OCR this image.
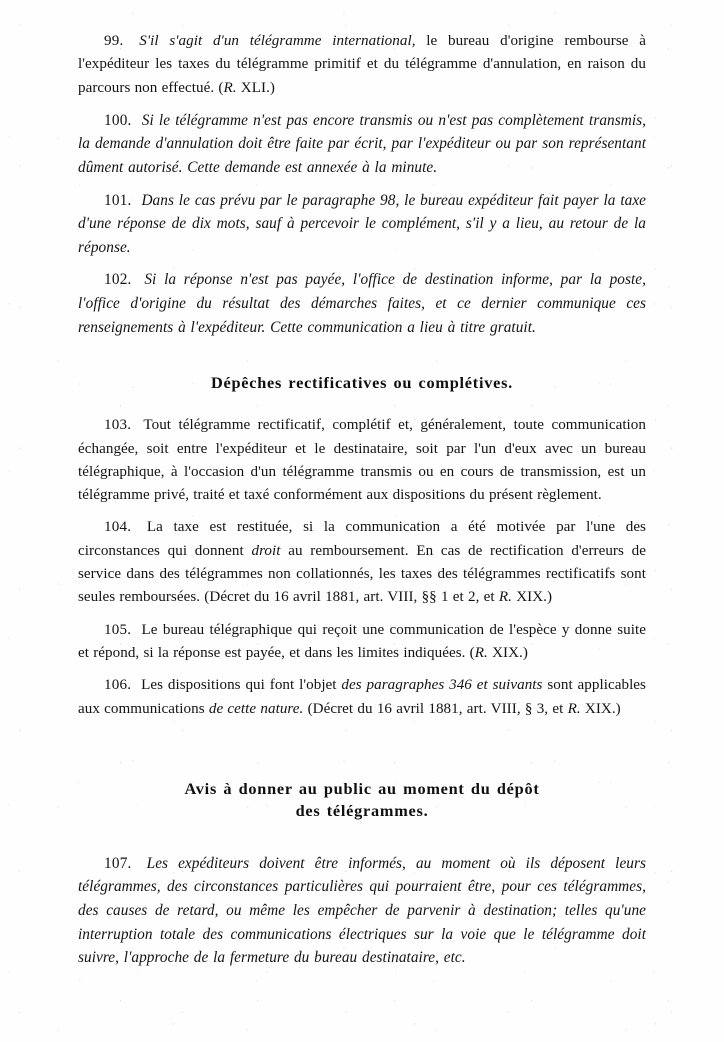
99. S'il s'agit d'un télégramme international, le bureau d'origine rembourse à l'expéditeur les taxes du télégramme primitif et du télégramme d'annulation, en raison du parcours non effectué. (R. XLI.)

100. Si le télégramme n'est pas encore transmis ou n'est pas complètement transmis, la demande d'annulation doit être faite par écrit, par l'expéditeur ou par son représentant dûment autorisé. Cette demande est annexée à la minute.

101. Dans le cas prévu par le paragraphe 98, le bureau expéditeur fait payer la taxe d'une réponse de dix mots, sauf à percevoir le complément, s'il y a lieu, au retour de la réponse.

102. Si la réponse n'est pas payée, l'office de destination informe, par la poste, l'office d'origine du résultat des démarches faites, et ce dernier communique ces renseignements à l'expéditeur. Cette communication a lieu à titre gratuit.

Dépêches rectificatives ou complétives.

103. Tout télégramme rectificatif, complétif et, généralement, toute communication échangée, soit entre l'expéditeur et le destinataire, soit par l'un d'eux avec un bureau télégraphique, à l'occasion d'un télégramme transmis ou en cours de transmission, est un télégramme privé, traité et taxé conformément aux dispositions du présent règlement.

104. La taxe est restituée, si la communication a été motivée par l'une des circonstances qui donnent droit au remboursement. En cas de rectification d'erreurs de service dans des télégrammes non collationnés, les taxes des télégrammes rectificatifs sont seules remboursées. (Décret du 16 avril 1881, art. VIII, §§ 1 et 2, et R. XIX.)

105. Le bureau télégraphique qui reçoit une communication de l'espèce y donne suite et répond, si la réponse est payée, et dans les limites indiquées. (R. XIX.)

106. Les dispositions qui font l'objet des paragraphes 346 et suivants sont applicables aux communications de cette nature. (Décret du 16 avril 1881, art. VIII, § 3, et R. XIX.)

Avis à donner au public au moment du dépôt
des télégrammes.

107. Les expéditeurs doivent être informés, au moment où ils déposent leurs télégrammes, des circonstances particulières qui pourraient être, pour ces télégrammes, des causes de retard, ou même les empêcher de parvenir à destination; telles qu'une interruption totale des communications électriques sur la voie que le télégramme doit suivre, l'approche de la fermeture du bureau destinataire, etc.
